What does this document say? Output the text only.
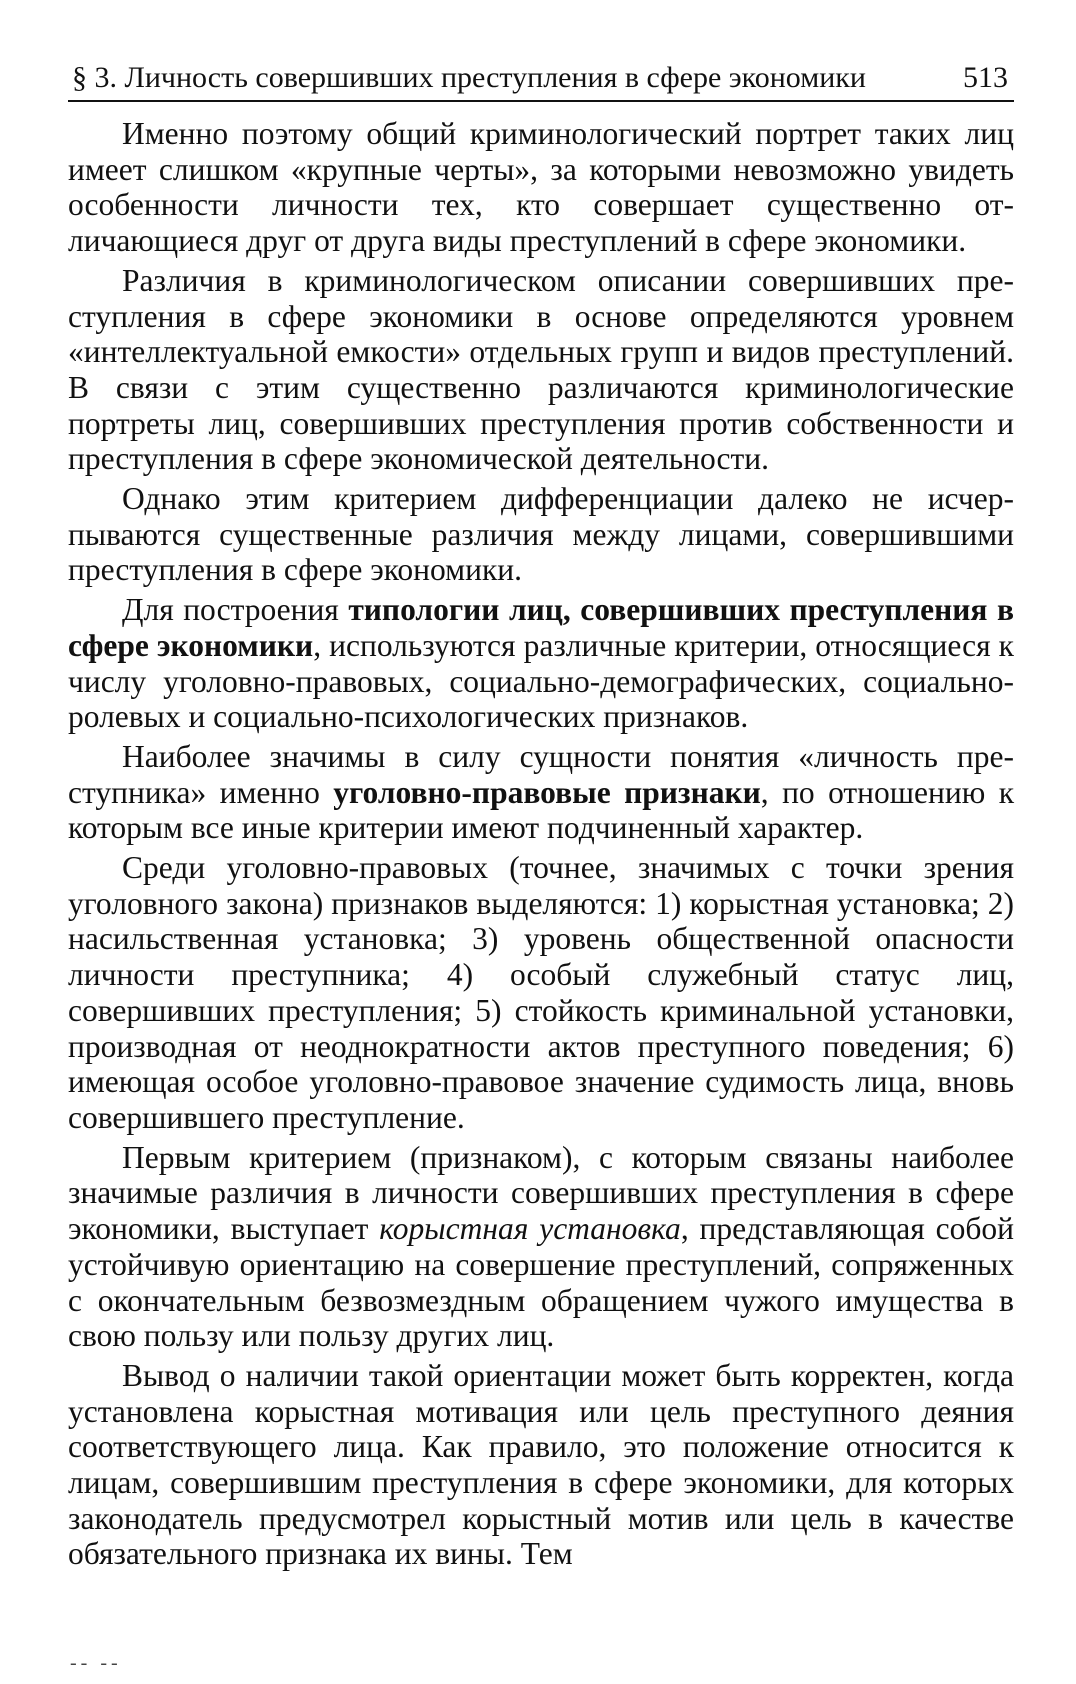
§ 3. Личность совершивших преступления в сфере экономики	513

Именно поэтому общий криминологический портрет таких лиц имеет слишком «крупные черты», за которыми невозможно увидеть особенности личности тех, кто совершает существенно отличающиеся друг от друга виды преступлений в сфере экономики.

Различия в криминологическом описании совершивших преступления в сфере экономики в основе определяются уровнем «интеллектуальной емкости» отдельных групп и видов преступлений. В связи с этим существенно различаются криминологические портреты лиц, совершивших преступления против собственности и преступления в сфере экономической деятельности.

Однако этим критерием дифференциации далеко не исчерпываются существенные различия между лицами, совершившими преступления в сфере экономики.

Для построения типологии лиц, совершивших преступления в сфере экономики, используются различные критерии, относящиеся к числу уголовно-правовых, социально-демографических, социально-ролевых и социально-психологических признаков.

Наиболее значимы в силу сущности понятия «личность преступника» именно уголовно-правовые признаки, по отношению к которым все иные критерии имеют подчиненный характер.

Среди уголовно-правовых (точнее, значимых с точки зрения уголовного закона) признаков выделяются: 1) корыстная установка; 2) насильственная установка; 3) уровень общественной опасности личности преступника; 4) особый служебный статус лиц, совершивших преступления; 5) стойкость криминальной установки, производная от неоднократности актов преступного поведения; 6) имеющая особое уголовно-правовое значение судимость лица, вновь совершившего преступление.

Первым критерием (признаком), с которым связаны наиболее значимые различия в личности совершивших преступления в сфере экономики, выступает корыстная установка, представляющая собой устойчивую ориентацию на совершение преступлений, сопряженных с окончательным безвозмездным обращением чужого имущества в свою пользу или пользу других лиц.

Вывод о наличии такой ориентации может быть корректен, когда установлена корыстная мотивация или цель преступного деяния соответствующего лица. Как правило, это положение относится к лицам, совершившим преступления в сфере экономики, для которых законодатель предусмотрел корыстный мотив или цель в качестве обязательного признака их вины. Тем

-- --
